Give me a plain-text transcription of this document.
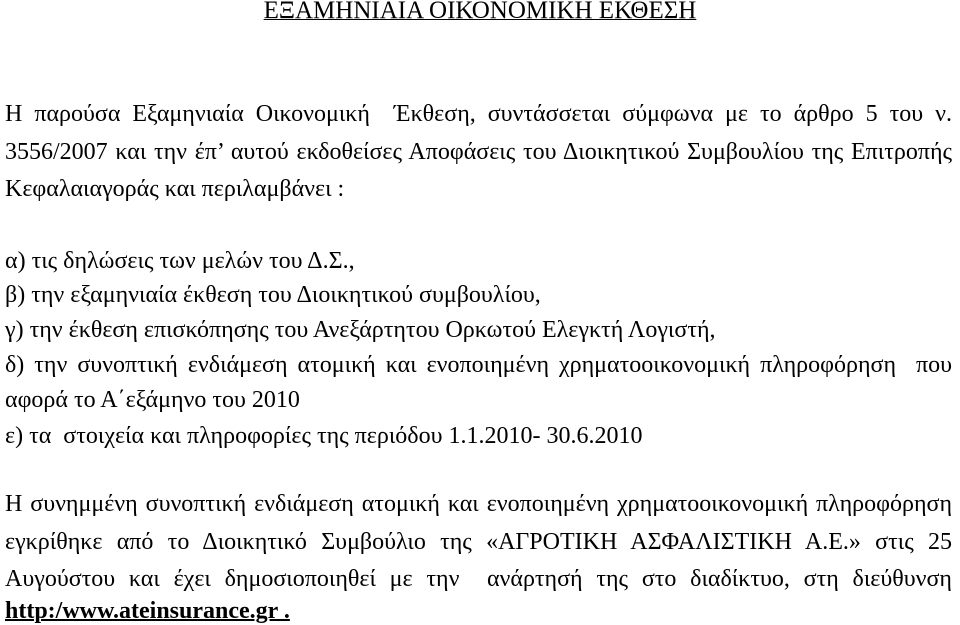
ΕΞΑΜΗΝΙΑΙΑ ΟΙΚΟΝΟΜΙΚΗ ΕΚΘΕΣΗ
Η παρούσα Εξαμηνιαία Οικονομική  Έκθεση, συντάσσεται σύμφωνα με το άρθρο 5 του ν.
3556/2007 και την έπ’ αυτού εκδοθείσες Αποφάσεις του Διοικητικού Συμβουλίου της Επιτροπής
Κεφαλαιαγοράς και περιλαμβάνει :
α) τις δηλώσεις των μελών του Δ.Σ.,
β) την εξαμηνιαία έκθεση του Διοικητικού συμβουλίου,
γ) την έκθεση επισκόπησης του Ανεξάρτητου Ορκωτού Ελεγκτή Λογιστή,
δ) την συνοπτική ενδιάμεση ατομική και ενοποιημένη χρηματοοικονομική πληροφόρηση  που
αφορά το Α΄εξάμηνο του 2010
ε) τα  στοιχεία και πληροφορίες της περιόδου 1.1.2010- 30.6.2010
Η συνημμένη συνοπτική ενδιάμεση ατομική και ενοποιημένη χρηματοοικονομική πληροφόρηση
εγκρίθηκε από το Διοικητικό Συμβούλιο της «ΑΓΡΟΤΙΚΗ ΑΣΦΑΛΙΣΤΙΚΗ Α.Ε.» στις 25
Αυγούστου και έχει δημοσιοποιηθεί με την  ανάρτησή της στο διαδίκτυο, στη διεύθυνση
http:/www.ateinsurance.gr .
